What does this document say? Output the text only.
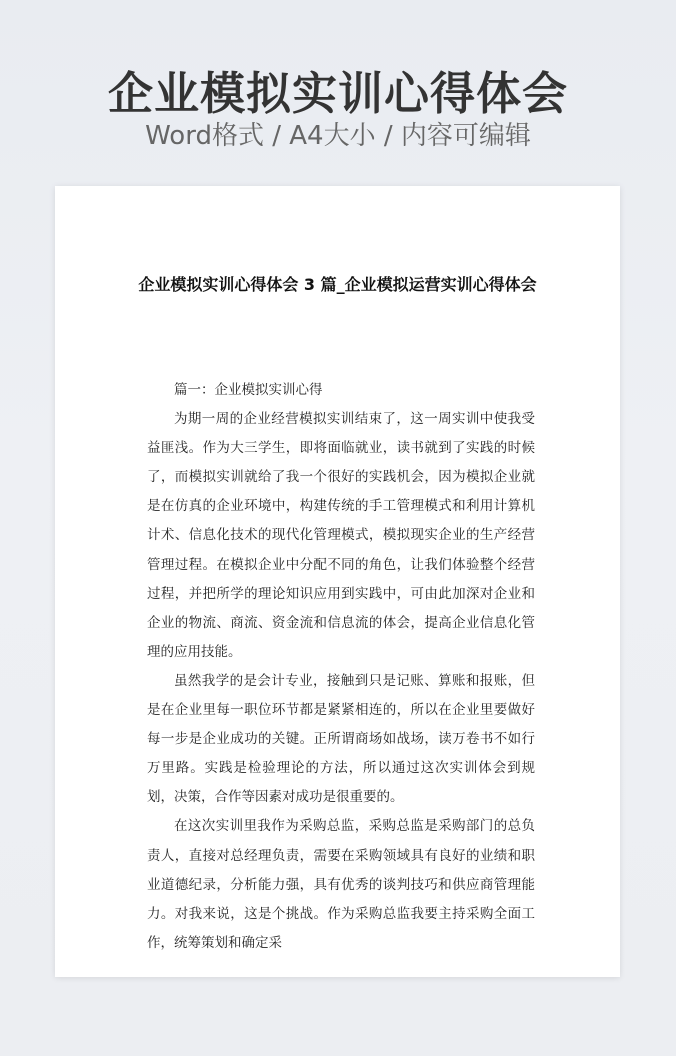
企业模拟实训心得体会
Word格式 / A4大小 / 内容可编辑
企业模拟实训心得体会 3 篇_企业模拟运营实训心得体会

篇一：企业模拟实训心得

为期一周的企业经营模拟实训结束了，这一周实训中使我受益匪浅。作为大三学生，即将面临就业，读书就到了实践的时候了，而模拟实训就给了我一个很好的实践机会，因为模拟企业就是在仿真的企业环境中，构建传统的手工管理模式和利用计算机计术、信息化技术的现代化管理模式，模拟现实企业的生产经营管理过程。在模拟企业中分配不同的角色，让我们体验整个经营过程，并把所学的理论知识应用到实践中，可由此加深对企业和企业的物流、商流、资金流和信息流的体会，提高企业信息化管理的应用技能。

虽然我学的是会计专业，接触到只是记账、算账和报账，但是在企业里每一职位环节都是紧紧相连的，所以在企业里要做好每一步是企业成功的关键。正所谓商场如战场，读万卷书不如行万里路。实践是检验理论的方法，所以通过这次实训体会到规划，决策，合作等因素对成功是很重要的。

在这次实训里我作为采购总监，采购总监是采购部门的总负责人，直接对总经理负责，需要在采购领域具有良好的业绩和职业道德纪录，分析能力强，具有优秀的谈判技巧和供应商管理能力。对我来说，这是个挑战。作为采购总监我要主持采购全面工作，统筹策划和确定采
